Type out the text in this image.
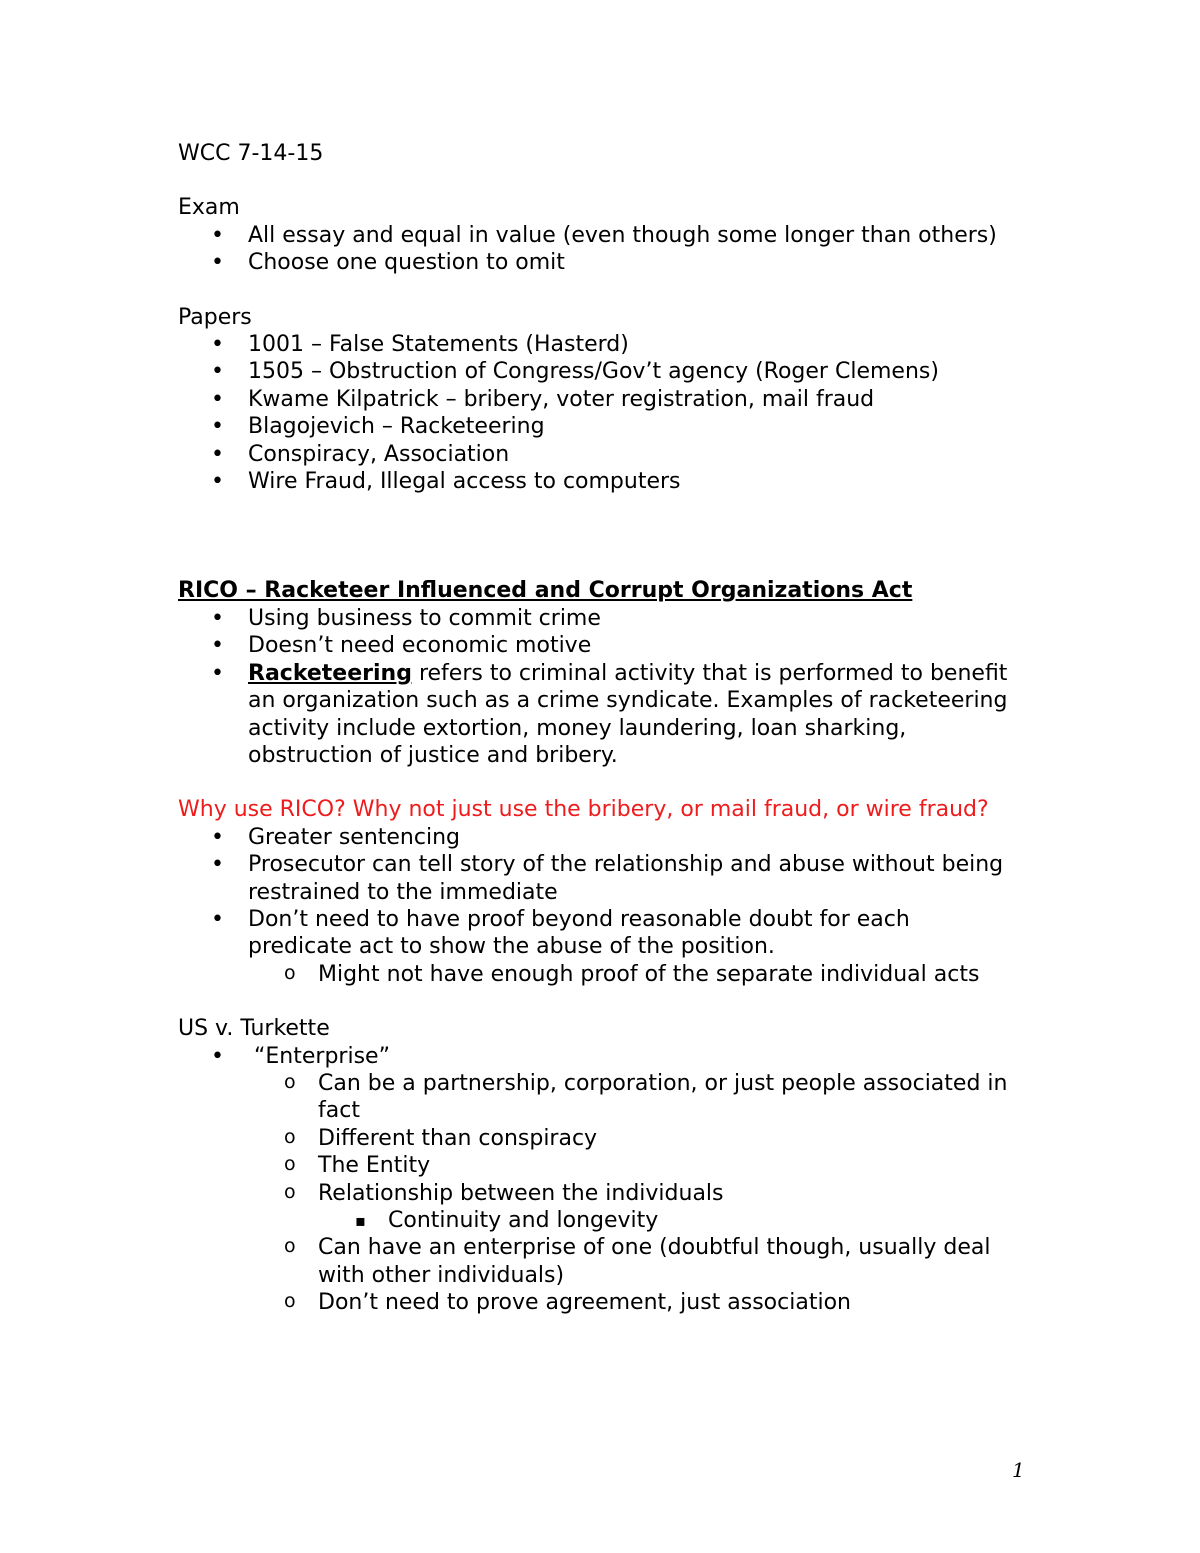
WCC 7-14-15

Exam

• All essay and equal in value (even though some longer than others)
• Choose one question to omit

Papers

• 1001 – False Statements (Hasterd)
• 1505 – Obstruction of Congress/Gov’t agency (Roger Clemens)
• Kwame Kilpatrick – bribery, voter registration, mail fraud
• Blagojevich – Racketeering
• Conspiracy, Association
• Wire Fraud, Illegal access to computers

RICO – Racketeer Influenced and Corrupt Organizations Act

• Using business to commit crime
• Doesn’t need economic motive
• Racketeering refers to criminal activity that is performed to benefit an organization such as a crime syndicate. Examples of racketeering activity include extortion, money laundering, loan sharking, obstruction of justice and bribery.

Why use RICO? Why not just use the bribery, or mail fraud, or wire fraud?

• Greater sentencing
• Prosecutor can tell story of the relationship and abuse without being restrained to the immediate
• Don’t need to have proof beyond reasonable doubt for each predicate act to show the abuse of the position.
o Might not have enough proof of the separate individual acts

US v. Turkette

• “Enterprise”
o Can be a partnership, corporation, or just people associated in fact
o Different than conspiracy
o The Entity
o Relationship between the individuals
▪ Continuity and longevity
o Can have an enterprise of one (doubtful though, usually deal with other individuals)
o Don’t need to prove agreement, just association
1
